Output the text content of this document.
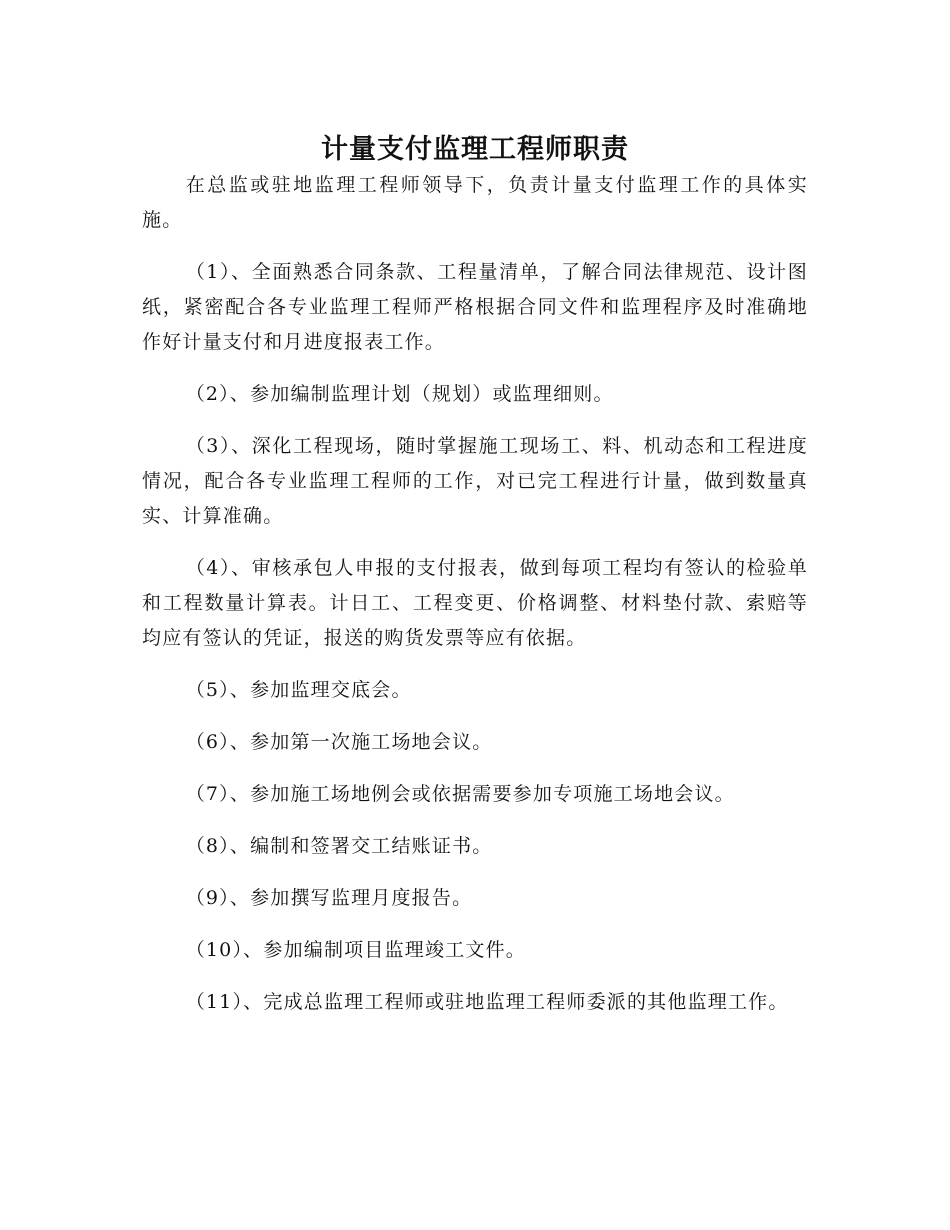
计量支付监理工程师职责

在总监或驻地监理工程师领导下，负责计量支付监理工作的具体实施。

（1）、全面熟悉合同条款、工程量清单，了解合同法律规范、设计图纸，紧密配合各专业监理工程师严格根据合同文件和监理程序及时准确地作好计量支付和月进度报表工作。

（2）、参加编制监理计划（规划）或监理细则。

（3）、深化工程现场，随时掌握施工现场工、料、机动态和工程进度情况，配合各专业监理工程师的工作，对已完工程进行计量，做到数量真实、计算准确。

（4）、审核承包人申报的支付报表，做到每项工程均有签认的检验单和工程数量计算表。计日工、工程变更、价格调整、材料垫付款、索赔等均应有签认的凭证，报送的购货发票等应有依据。

（5）、参加监理交底会。

（6）、参加第一次施工场地会议。

（7）、参加施工场地例会或依据需要参加专项施工场地会议。

（8）、编制和签署交工结账证书。

（9）、参加撰写监理月度报告。

（10）、参加编制项目监理竣工文件。

（11）、完成总监理工程师或驻地监理工程师委派的其他监理工作。
